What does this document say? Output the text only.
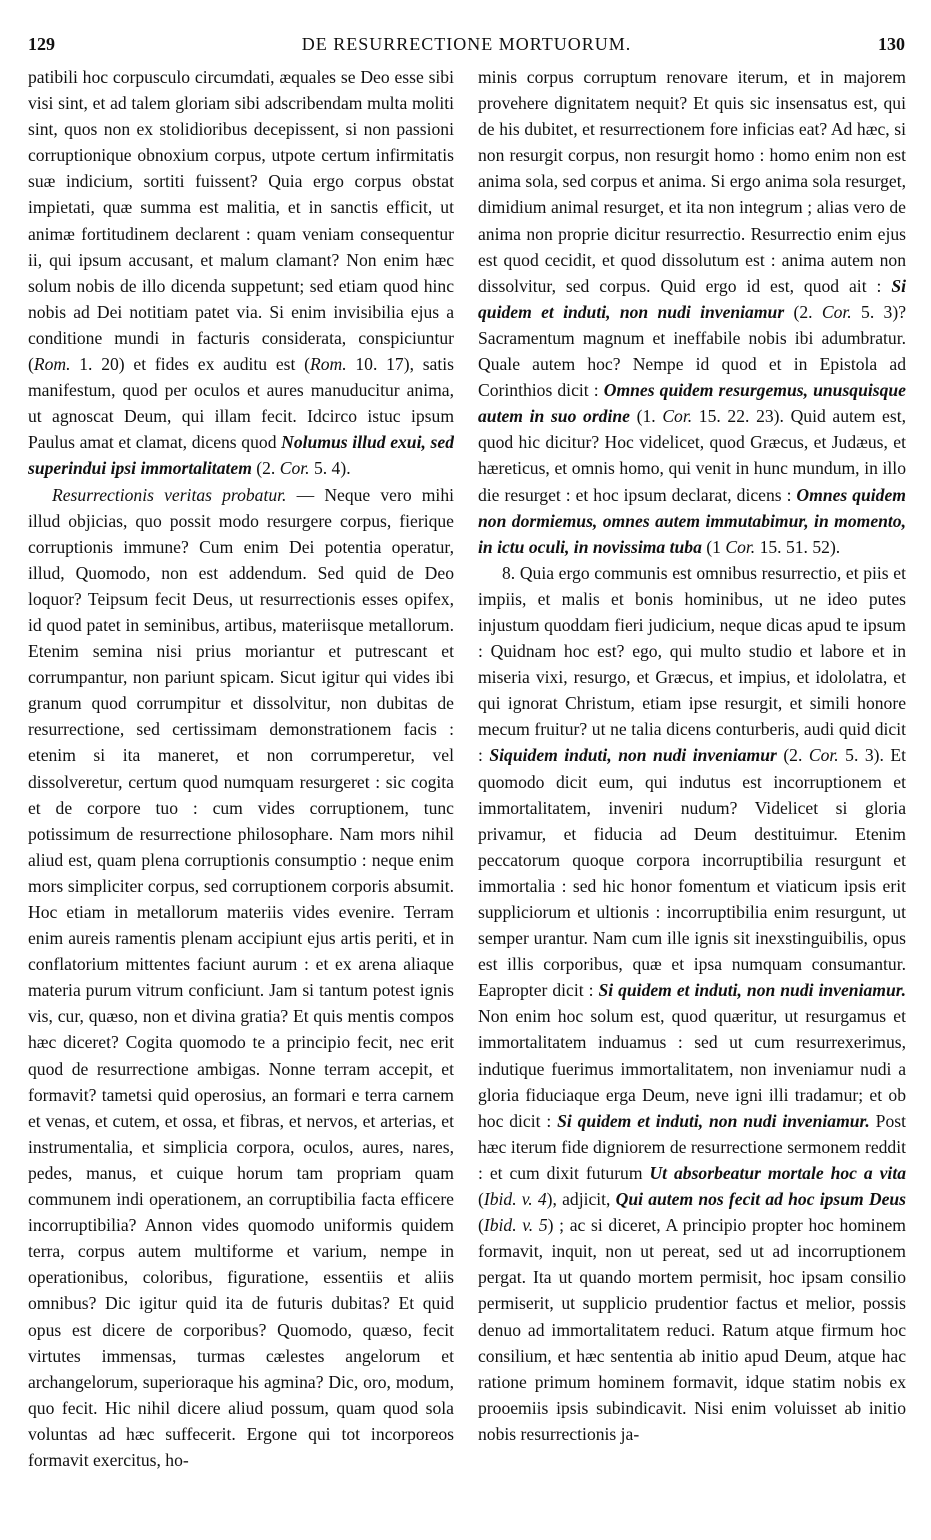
129	DE RESURRECTIONE MORTUORUM.	130

patibili hoc corpusculo circumdati, æquales se Deo esse sibi visi sint, et ad talem gloriam sibi adscribendam multa moliti sint, quos non ex stolidioribus decepissent, si non passioni corruptionique obnoxium corpus, utpote certum infirmitatis suæ indicium, sortiti fuissent? Quia ergo corpus obstat impietati, quæ summa est malitia, et in sanctis efficit, ut animæ fortitudinem declarent : quam veniam consequentur ii, qui ipsum accusant, et malum clamant? Non enim hæc solum nobis de illo dicenda suppetunt; sed etiam quod hinc nobis ad Dei notitiam patet via. Si enim invisibilia ejus a conditione mundi in facturis considerata, conspiciuntur (Rom. 1. 20) et fides ex auditu est (Rom. 10. 17), satis manifestum, quod per oculos et aures manuducitur anima, ut agnoscat Deum, qui illam fecit. Idcirco istuc ipsum Paulus amat et clamat, dicens quod Nolumus illud exui, sed superindui ipsi immortalitatem (2. Cor. 5. 4).

Resurrectionis veritas probatur. — Neque vero mihi illud objicias, quo possit modo resurgere corpus, fierique corruptionis immune? Cum enim Dei potentia operatur, illud, Quomodo, non est addendum. Sed quid de Deo loquor? Teipsum fecit Deus, ut resurrectionis esses opifex, id quod patet in seminibus, artibus, materiisque metallorum. Etenim semina nisi prius moriantur et putrescant et corrumpantur, non pariunt spicam. Sicut igitur qui vides ibi granum quod corrumpitur et dissolvitur, non dubitas de resurrectione, sed certissimam demonstrationem facis : etenim si ita maneret, et non corrumperetur, vel dissolveretur, certum quod numquam resurgeret : sic cogita et de corpore tuo : cum vides corruptionem, tunc potissimum de resurrectione philosophare. Nam mors nihil aliud est, quam plena corruptionis consumptio : neque enim mors simpliciter corpus, sed corruptionem corporis absumit. Hoc etiam in metallorum materiis vides evenire. Terram enim aureis ramentis plenam accipiunt ejus artis periti, et in conflatorium mittentes faciunt aurum : et ex arena aliaque materia purum vitrum conficiunt. Jam si tantum potest ignis vis, cur, quæso, non et divina gratia? Et quis mentis compos hæc diceret? Cogita quomodo te a principio fecit, nec erit quod de resurrectione ambigas. Nonne terram accepit, et formavit? tametsi quid operosius, an formari e terra carnem et venas, et cutem, et ossa, et fibras, et nervos, et arterias, et instrumentalia, et simplicia corpora, oculos, aures, nares, pedes, manus, et cuique horum tam propriam quam communem indi operationem, an corruptibilia facta efficere incorruptibilia? Annon vides quomodo uniformis quidem terra, corpus autem multiforme et varium, nempe in operationibus, coloribus, figuratione, essentiis et aliis omnibus? Dic igitur quid ita de futuris dubitas? Et quid opus est dicere de corporibus? Quomodo, quæso, fecit virtutes immensas, turmas cælestes angelorum et archangelorum, superioraque his agmina? Dic, oro, modum, quo fecit. Hic nihil dicere aliud possum, quam quod sola voluntas ad hæc suffecerit. Ergone qui tot incorporeos formavit exercitus, ho-

minis corpus corruptum renovare iterum, et in majorem provehere dignitatem nequit? Et quis sic insensatus est, qui de his dubitet, et resurrectionem fore inficias eat? Ad hæc, si non resurgit corpus, non resurgit homo : homo enim non est anima sola, sed corpus et anima. Si ergo anima sola resurget, dimidium animal resurget, et ita non integrum ; alias vero de anima non proprie dicitur resurrectio. Resurrectio enim ejus est quod cecidit, et quod dissolutum est : anima autem non dissolvitur, sed corpus. Quid ergo id est, quod ait : Si quidem et induti, non nudi inveniamur (2. Cor. 5. 3)? Sacramentum magnum et ineffabile nobis ibi adumbratur. Quale autem hoc? Nempe id quod et in Epistola ad Corinthios dicit : Omnes quidem resurgemus, unusquisque autem in suo ordine (1. Cor. 15. 22. 23). Quid autem est, quod hic dicitur? Hoc videlicet, quod Græcus, et Judæus, et hæreticus, et omnis homo, qui venit in hunc mundum, in illo die resurget : et hoc ipsum declarat, dicens : Omnes quidem non dormiemus, omnes autem immutabimur, in momento, in ictu oculi, in novissima tuba (1 Cor. 15. 51. 52).

8. Quia ergo communis est omnibus resurrectio, et piis et impiis, et malis et bonis hominibus, ut ne ideo putes injustum quoddam fieri judicium, neque dicas apud te ipsum : Quidnam hoc est? ego, qui multo studio et labore et in miseria vixi, resurgo, et Græcus, et impius, et idololatra, et qui ignorat Christum, etiam ipse resurgit, et simili honore mecum fruitur? ut ne talia dicens conturberis, audi quid dicit : Siquidem induti, non nudi inveniamur (2. Cor. 5. 3). Et quomodo dicit eum, qui indutus est incorruptionem et immortalitatem, inveniri nudum? Videlicet si gloria privamur, et fiducia ad Deum destituimur. Etenim peccatorum quoque corpora incorruptibilia resurgunt et immortalia : sed hic honor fomentum et viaticum ipsis erit suppliciorum et ultionis : incorruptibilia enim resurgunt, ut semper urantur. Nam cum ille ignis sit inexstinguibilis, opus est illis corporibus, quæ et ipsa numquam consumantur. Eapropter dicit : Si quidem et induti, non nudi inveniamur. Non enim hoc solum est, quod quæritur, ut resurgamus et immortalitatem induamus : sed ut cum resurrexerimus, indutique fuerimus immortalitatem, non inveniamur nudi a gloria fiduciaque erga Deum, neve igni illi tradamur; et ob hoc dicit : Si quidem et induti, non nudi inveniamur. Post hæc iterum fide digniorem de resurrectione sermonem reddit : et cum dixit futurum Ut absorbeatur mortale hoc a vita (Ibid. v. 4), adjicit, Qui autem nos fecit ad hoc ipsum Deus (Ibid. v. 5) ; ac si diceret, A principio propter hoc hominem formavit, inquit, non ut pereat, sed ut ad incorruptionem pergat. Ita ut quando mortem permisit, hoc ipsam consilio permiserit, ut supplicio prudentior factus et melior, possis denuo ad immortalitatem reduci. Ratum atque firmum hoc consilium, et hæc sententia ab initio apud Deum, atque hac ratione primum hominem formavit, idque statim nobis ex prooemiis ipsis subindicavit. Nisi enim voluisset ab initio nobis resurrectionis ja-
